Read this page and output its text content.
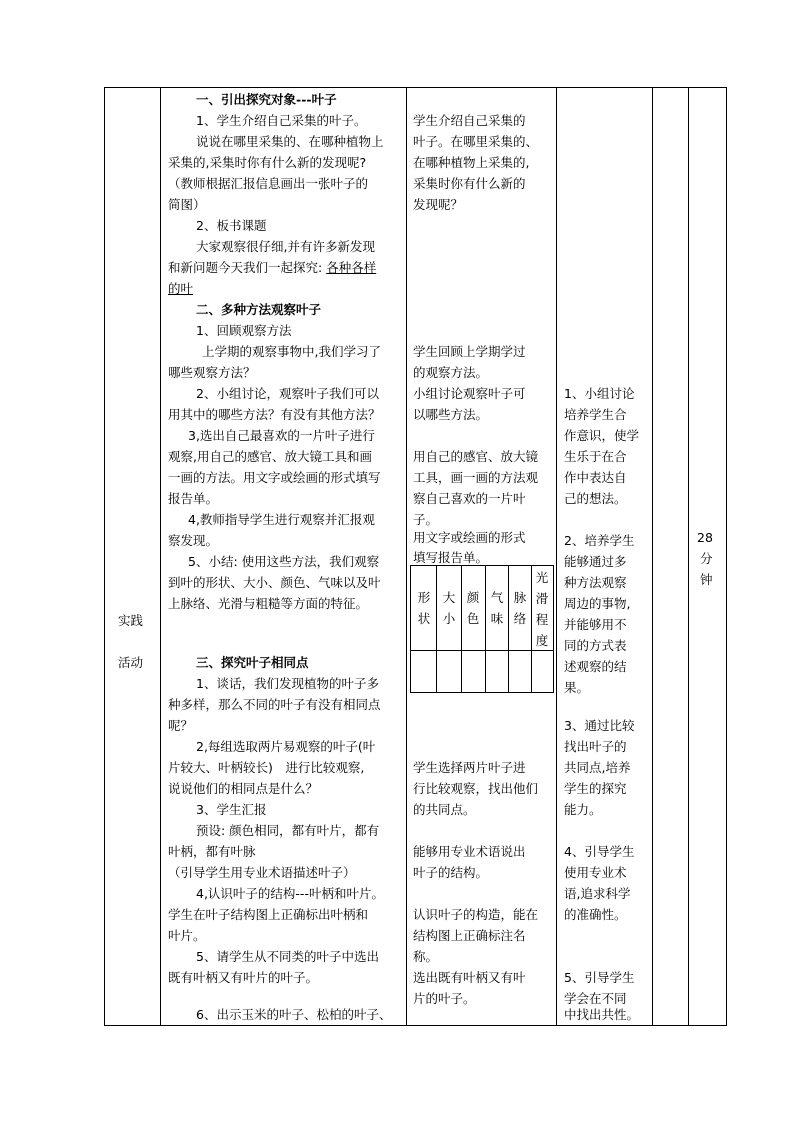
实践
活动
28
分
钟
一、引出探究对象---叶子
1、学生介绍自己采集的叶子。
说说在哪里采集的、在哪种植物上
采集的,采集时你有什么新的发现呢?
（教师根据汇报信息画出一张叶子的
简图）
2、板书课题
大家观察很仔细,并有许多新发现
和新问题今天我们一起探究: 各种各样
的叶
二、多种方法观察叶子
1、回顾观察方法
上学期的观察事物中,我们学习了
哪些观察方法？
2、小组讨论，观察叶子我们可以
用其中的哪些方法？有没有其他方法？
3,选出自己最喜欢的一片叶子进行
观察,用自己的感官、放大镜工具和画
一画的方法。用文字或绘画的形式填写
报告单。
4,教师指导学生进行观察并汇报观
察发现。
5、小结: 使用这些方法，我们观察
到叶的形状、大小、颜色、气味以及叶
上脉络、光滑与粗糙等方面的特征。
三、探究叶子相同点
1、谈话，我们发现植物的叶子多
种多样，那么不同的叶子有没有相同点
呢？
2,每组选取两片易观察的叶子(叶
片较大、叶柄较长)　进行比较观察,
说说他们的相同点是什么？
3、学生汇报
预设: 颜色相同，都有叶片，都有
叶柄，都有叶脉
（引导学生用专业术语描述叶子）
4,认识叶子的结构---叶柄和叶片。
学生在叶子结构图上正确标出叶柄和
叶片。
5、请学生从不同类的叶子中选出
既有叶柄又有叶片的叶子。
6、出示玉米的叶子、松柏的叶子、
学生介绍自己采集的
叶子。在哪里采集的、
在哪种植物上采集的,
采集时你有什么新的
发现呢？
学生回顾上学期学过
的观察方法。
小组讨论观察叶子可
以哪些方法。
用自己的感官、放大镜
工具，画一画的方法观
察自己喜欢的一片叶
子。
用文字或绘画的形式
填写报告单。
形状
大小
颜色
气味
脉络
光滑程度
学生选择两片叶子进
行比较观察，找出他们
的共同点。
能够用专业术语说出
叶子的结构。
认识叶子的构造，能在
结构图上正确标注名
称。
选出既有叶柄又有叶
片的叶子。
1、小组讨论
培养学生合
作意识，使学
生乐于在合
作中表达自
己的想法。
2、培养学生
能够通过多
种方法观察
周边的事物,
并能够用不
同的方式表
述观察的结
果。
3、通过比较
找出叶子的
共同点,培养
学生的探究
能力。
4、引导学生
使用专业术
语,追求科学
的准确性。
5、引导学生
学会在不同
中找出共性。
